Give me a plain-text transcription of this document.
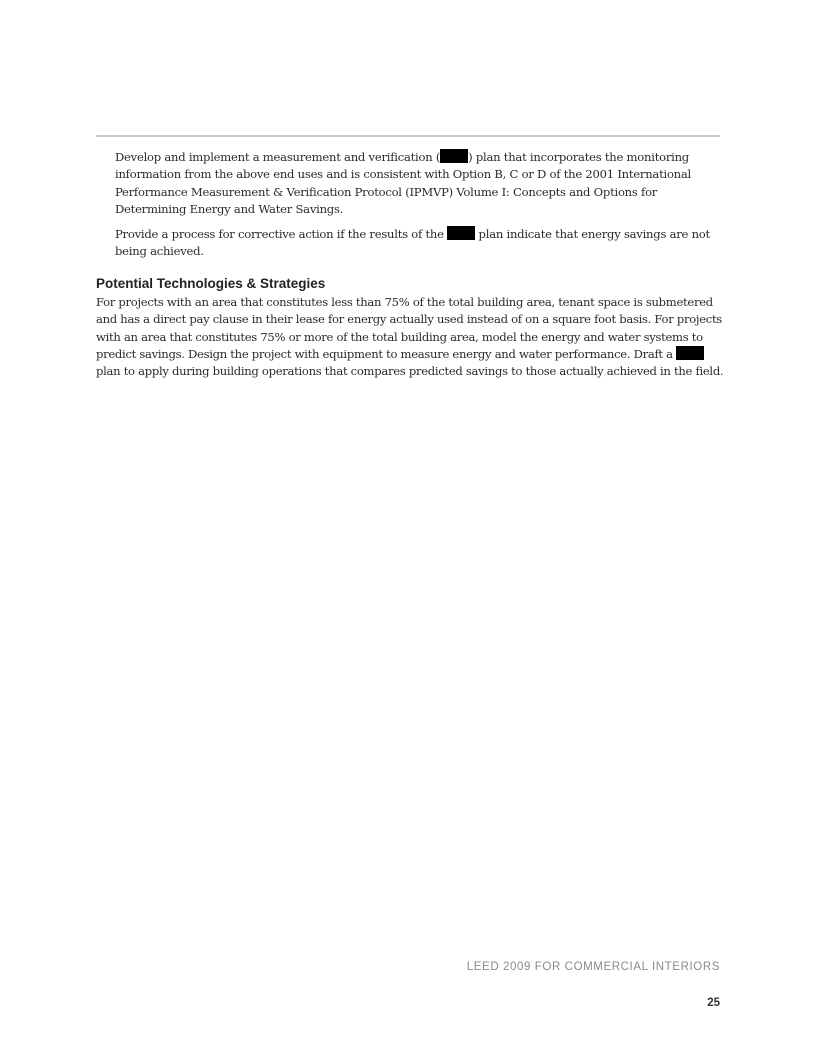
Develop and implement a measurement and verification ( ) plan that incorporates the monitoring information from the above end uses and is consistent with Option B, C or D of the 2001 International Performance Measurement & Verification Protocol (IPMVP) Volume I: Concepts and Options for Determining Energy and Water Savings.

Provide a process for corrective action if the results of the  plan indicate that energy savings are not being achieved.

Potential Technologies & Strategies

For projects with an area that constitutes less than 75% of the total building area, tenant space is submetered and has a direct pay clause in their lease for energy actually used instead of on a square foot basis. For projects with an area that constitutes 75% or more of the total building area, model the energy and water systems to predict savings. Design the project with equipment to measure energy and water performance. Draft a  plan to apply during building operations that compares predicted savings to those actually achieved in the field.

LEED 2009 FOR COMMERCIAL INTERIORS
25
